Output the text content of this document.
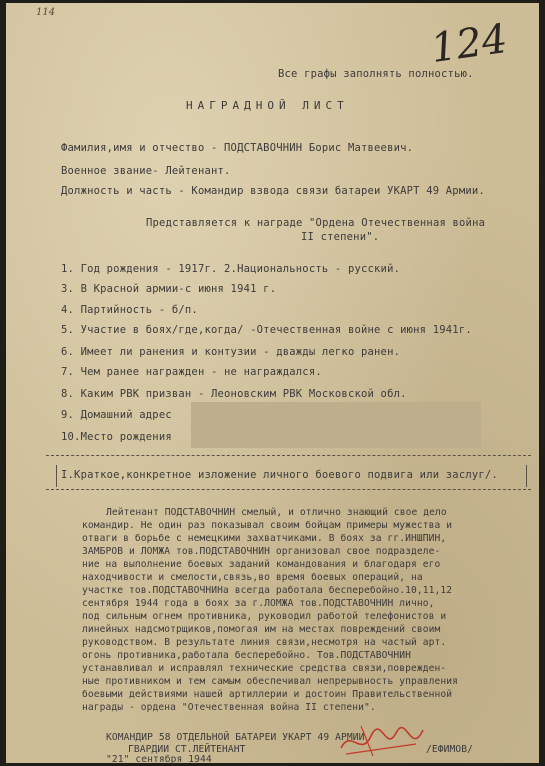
114
124
Все графы заполнять полностью.
НАГРАДНОЙ ЛИСТ
Фамилия,имя и отчество - ПОДСТАВОЧНИН Борис Матвеевич.
Военное звание- Лейтенант.
Должность и часть - Командир взвода связи батареи УКАРТ 49 Армии.
Представляется к награде "Ордена Отечественная война
II степени".
1. Год рождения - 1917г. 2.Национальность - русский.
3. В Красной армии-с июня 1941 г.
4. Партийность - б/п.
5. Участие в боях/где,когда/ -Отечественная войне с июня 1941г.
6. Имеет ли ранения и контузии - дважды легко ранен.
7. Чем ранее награжден - не награждался.
8. Каким РВК призван - Леоновским РВК Московской обл.
9. Домашний адрес
10.Место рождения
I.Краткое,конкретное изложение личного боевого подвига или заслуг/.
Лейтенант ПОДСТАВОЧНИН смелый, и отлично знающий свое дело
командир. Не один раз показывал своим бойцам примеры мужества и
отваги в борьбе с немецкими захватчиками. В боях за гг.ИНШПИН,
ЗАМБРОВ и ЛОМЖА тов.ПОДСТАВОЧНИН организовал свое подразделе-
ние на выполнение боевых заданий командования и благодаря его
находчивости и смелости,связь,во время боевых операций, на
участке тов.ПОДСТАВОЧНИНа всегда работала бесперебойно.10,11,12
сентября 1944 года в боях за г.ЛОМЖА тов.ПОДСТАВОЧНИН лично,
под сильным огнем противника, руководил работой телефонистов и
линейных надсмотрщиков,помогая им на местах повреждений своим
руководством. В результате линия связи,несмотря на частый арт.
огонь противника,работала бесперебойно. Тов.ПОДСТАВОЧНИН
устанавливал и исправлял технические средства связи,поврежден-
ные противником и тем самым обеспечивал непрерывность управления
боевыми действиями нашей артиллерии и достоин Правительственной
награды - ордена "Отечественная война II степени".
КОМАНДИР 58 ОТДЕЛЬНОЙ БАТАРЕИ УКАРТ 49 АРМИИ
ГВАРДИИ СТ.ЛЕЙТЕНАНТ	/ЕФИМОВ/
"21" сентября 1944
